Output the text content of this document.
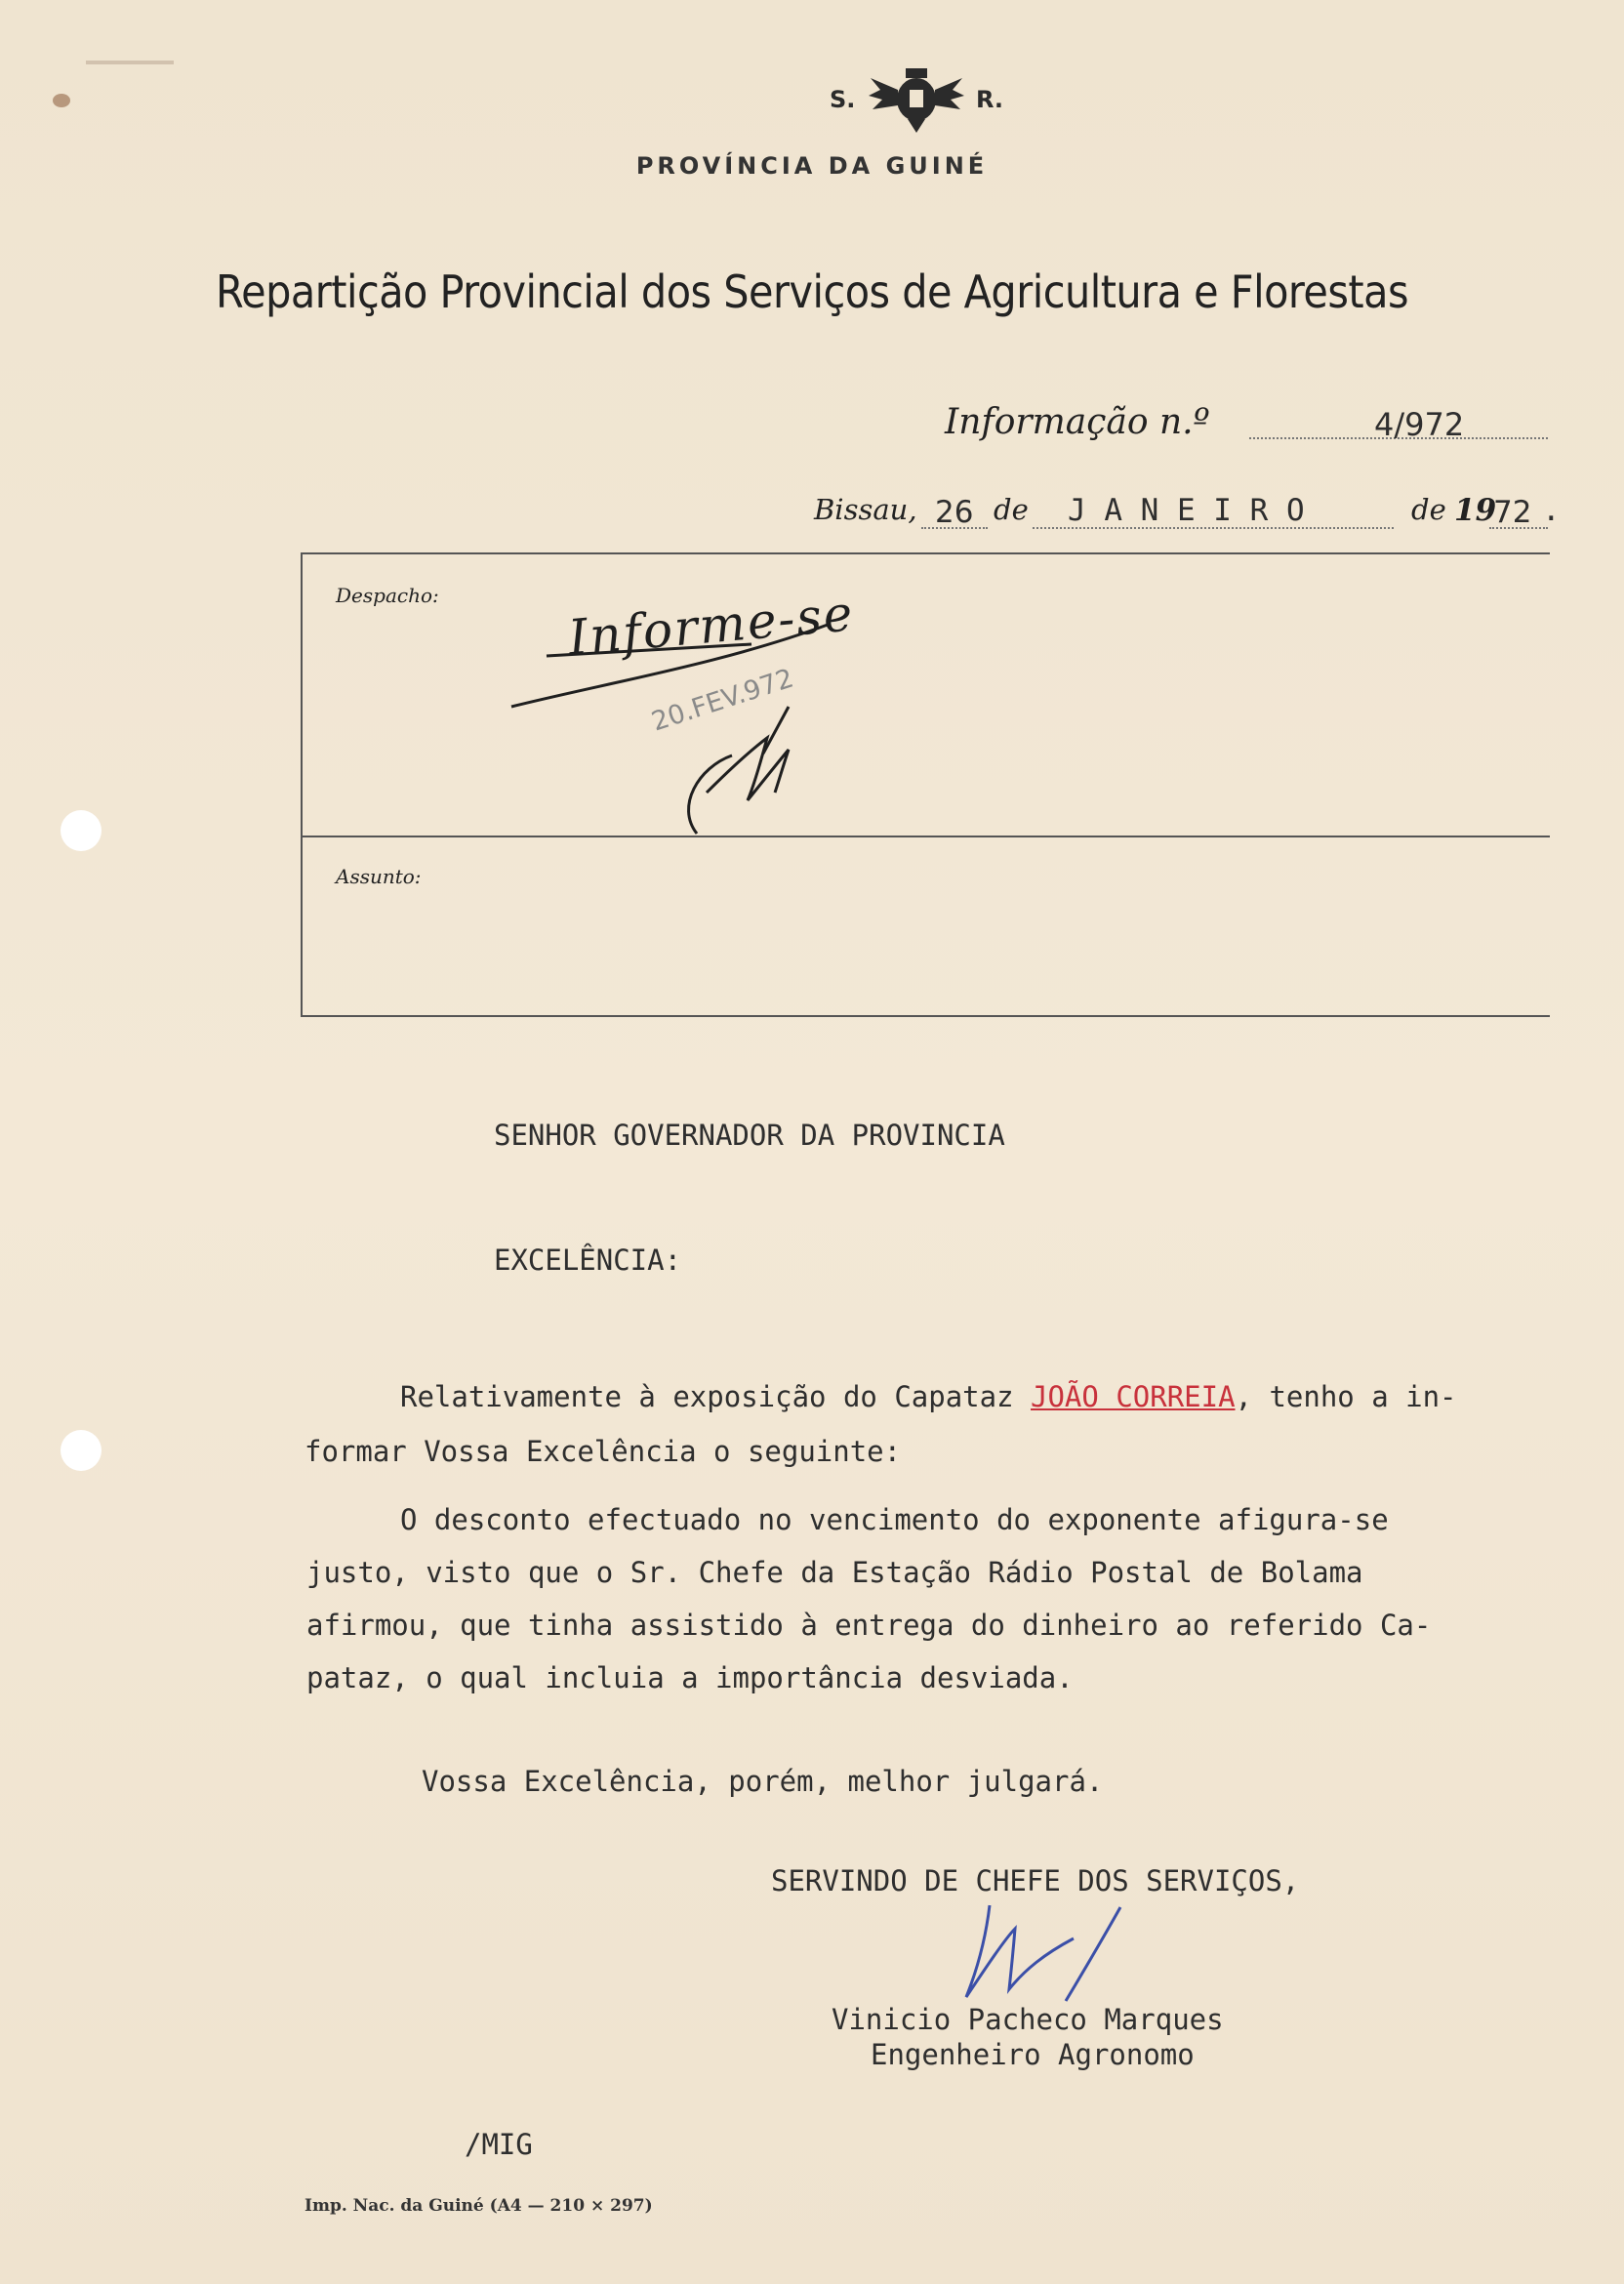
S.	R.
PROVÍNCIA DA GUINÉ
Repartição Provincial dos Serviços de Agricultura e Florestas
Informação n.º	4/972
Bissau, 26 de J A N E I R O	de 19
72 .
Despacho:	Informe-se
20.FEV.972
Assunto:
SENHOR GOVERNADOR DA PROVINCIA
EXCELÊNCIA:
Relativamente à exposição do Capataz JOÃO CORREIA, tenho a in-
formar Vossa Excelência o seguinte:
O desconto efectuado no vencimento do exponente afigura-se
justo, visto que o Sr. Chefe da Estação Rádio Postal de Bolama
afirmou, que tinha assistido à entrega do dinheiro ao referido Ca-
pataz, o qual incluia a importância desviada.
Vossa Excelência, porém, melhor julgará.
SERVINDO DE CHEFE DOS SERVIÇOS,
Vinicio Pacheco Marques
Engenheiro Agronomo
/MIG
Imp. Nac. da Guiné (A4 — 210 × 297)
